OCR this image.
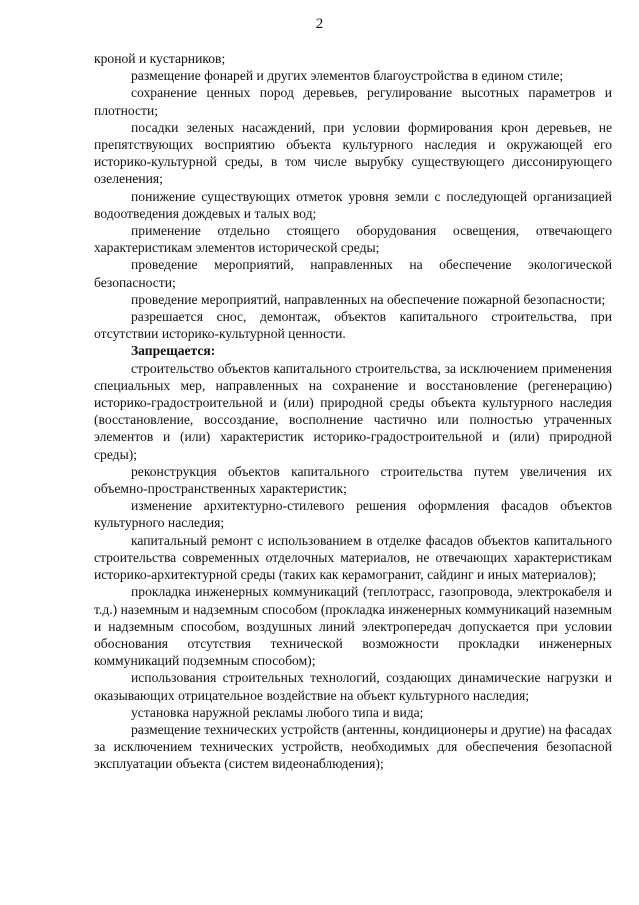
2

кроной и кустарников;

размещение фонарей и других элементов благоустройства в едином стиле;

сохранение ценных пород деревьев, регулирование высотных параметров и плотности;

посадки зеленых насаждений, при условии формирования крон деревьев, не препятствующих восприятию объекта культурного наследия и окружающей его историко-культурной среды, в том числе вырубку существующего диссонирующего озеленения;

понижение существующих отметок уровня земли с последующей организацией водоотведения дождевых и талых вод;

применение отдельно стоящего оборудования освещения, отвечающего характеристикам элементов исторической среды;

проведение мероприятий, направленных на обеспечение экологической безопасности;

проведение мероприятий, направленных на обеспечение пожарной безопасности;

разрешается снос, демонтаж, объектов капитального строительства, при отсутствии историко-культурной ценности.

Запрещается:

строительство объектов капитального строительства, за исключением применения специальных мер, направленных на сохранение и восстановление (регенерацию) историко-градостроительной и (или) природной среды объекта культурного наследия (восстановление, воссоздание, восполнение частично или полностью утраченных элементов и (или) характеристик историко-градостроительной и (или) природной среды);

реконструкция объектов капитального строительства путем увеличения их объемно-пространственных характеристик;

изменение архитектурно-стилевого решения оформления фасадов объектов культурного наследия;

капитальный ремонт с использованием в отделке фасадов объектов капитального строительства современных отделочных материалов, не отвечающих характеристикам историко-архитектурной среды (таких как керамогранит, сайдинг и иных материалов);

прокладка инженерных коммуникаций (теплотрасс, газопровода, электрокабеля и т.д.) наземным и надземным способом (прокладка инженерных коммуникаций наземным и надземным способом, воздушных линий электропередач допускается при условии обоснования отсутствия технической возможности прокладки инженерных коммуникаций подземным способом);

использования строительных технологий, создающих динамические нагрузки и оказывающих отрицательное воздействие на объект культурного наследия;

установка наружной рекламы любого типа и вида;

размещение технических устройств (антенны, кондиционеры и другие) на фасадах за исключением технических устройств, необходимых для обеспечения безопасной эксплуатации объекта (систем видеонаблюдения);
